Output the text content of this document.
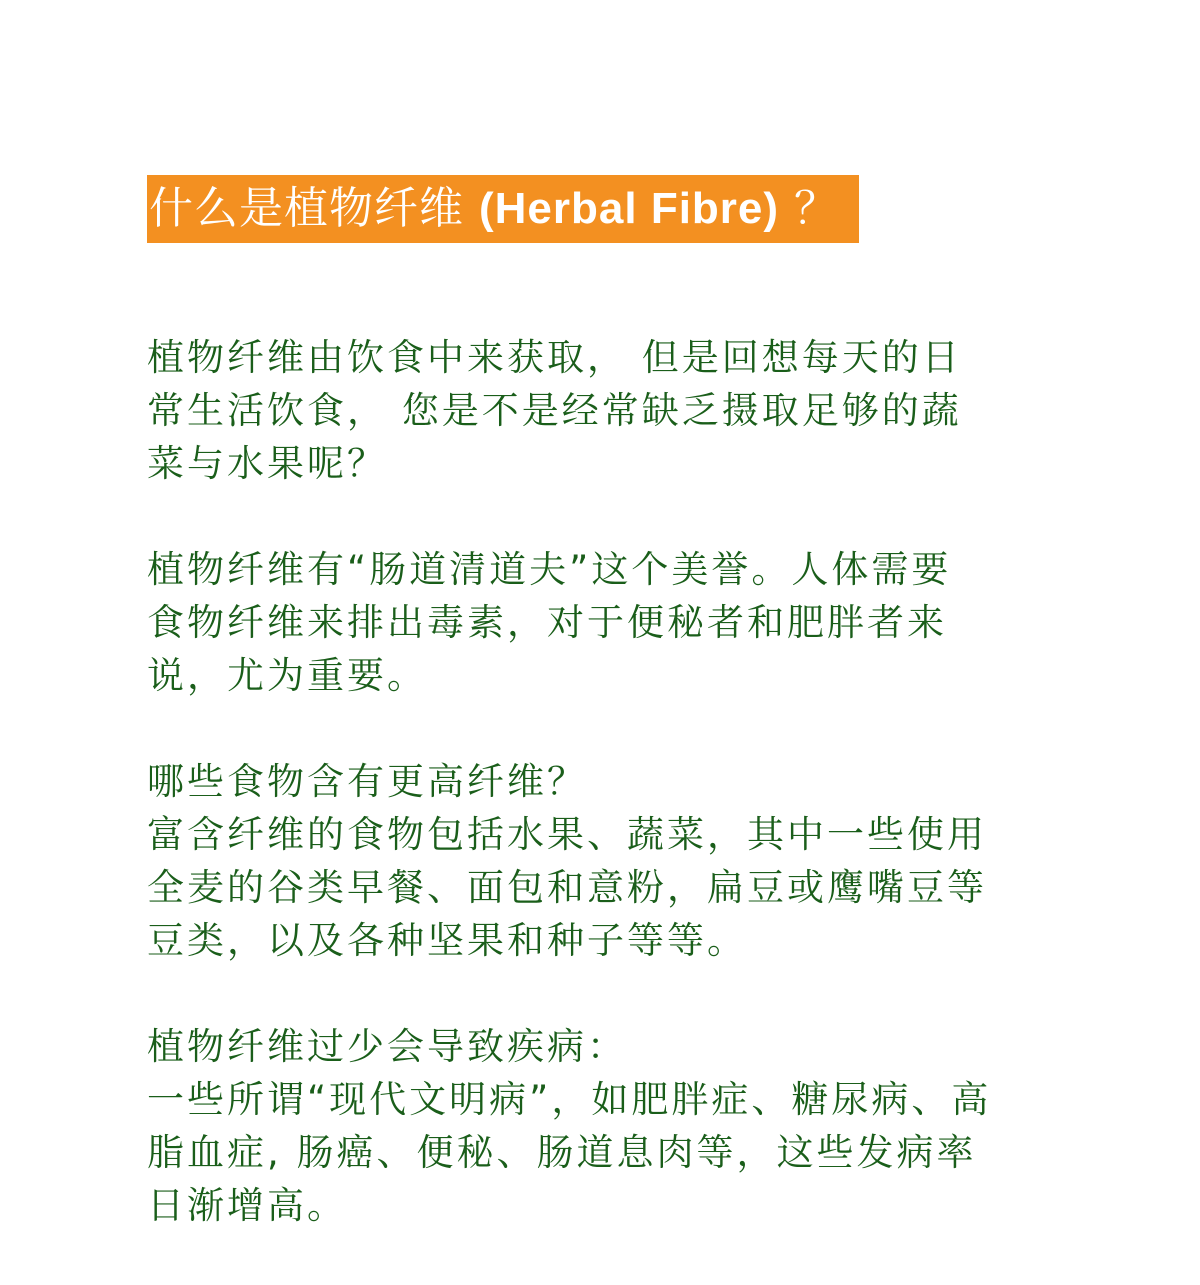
什么是植物纤维 (Herbal Fibre) ？
植物纤维由饮食中来获取， 但是回想每天的日
常生活饮食， 您是不是经常缺乏摄取足够的蔬
菜与水果呢？
植物纤维有“肠道清道夫”这个美誉。人体需要
食物纤维来排出毒素，对于便秘者和肥胖者来
说，尤为重要。
哪些食物含有更高纤维？
富含纤维的食物包括水果、蔬菜，其中一些使用
全麦的谷类早餐、面包和意粉，扁豆或鹰嘴豆等
豆类，以及各种坚果和种子等等。
植物纤维过少会导致疾病：
一些所谓“现代文明病”，如肥胖症、糖尿病、高
脂血症, 肠癌、便秘、肠道息肉等，这些发病率
日渐增高。
